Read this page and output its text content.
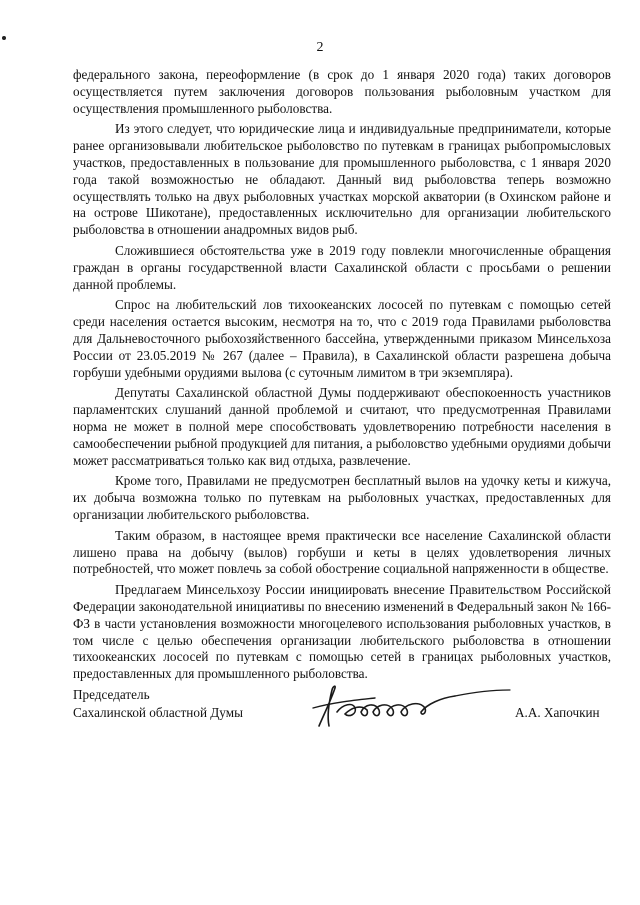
2

федерального закона, переоформление (в срок до 1 января 2020 года) таких договоров осуществляется путем заключения договоров пользования рыболовным участком для осуществления промышленного рыболовства.

Из этого следует, что юридические лица и индивидуальные предприниматели, которые ранее организовывали любительское рыболовство по путевкам в границах рыбопромысловых участков, предоставленных в пользование для промышленного рыболовства, с 1 января 2020 года такой возможностью не обладают. Данный вид рыболовства теперь возможно осуществлять только на двух рыболовных участках морской акватории (в Охинском районе и на острове Шикотане), предоставленных исключительно для организации любительского рыболовства в отношении анадромных видов рыб.

Сложившиеся обстоятельства уже в 2019 году повлекли многочисленные обращения граждан в органы государственной власти Сахалинской области с просьбами о решении данной проблемы.

Спрос на любительский лов тихоокеанских лососей по путевкам с помощью сетей среди населения остается высоким, несмотря на то, что с 2019 года Правилами рыболовства для Дальневосточного рыбохозяйственного бассейна, утвержденными приказом Минсельхоза России от 23.05.2019 № 267 (далее – Правила), в Сахалинской области разрешена добыча горбуши удебными орудиями вылова (с суточным лимитом в три экземпляра).

Депутаты Сахалинской областной Думы поддерживают обеспокоенность участников парламентских слушаний данной проблемой и считают, что предусмотренная Правилами норма не может в полной мере способствовать удовлетворению потребности населения в самообеспечении рыбной продукцией для питания, а рыболовство удебными орудиями добычи может рассматриваться только как вид отдыха, развлечение.

Кроме того, Правилами не предусмотрен бесплатный вылов на удочку кеты и кижуча, их добыча возможна только по путевкам на рыболовных участках, предоставленных для организации любительского рыболовства.

Таким образом, в настоящее время практически все население Сахалинской области лишено права на добычу (вылов) горбуши и кеты в целях удовлетворения личных потребностей, что может повлечь за собой обострение социальной напряженности в обществе.

Предлагаем Минсельхозу России инициировать внесение Правительством Российской Федерации законодательной инициативы по внесению изменений в Федеральный закон № 166-ФЗ в части установления возможности многоцелевого использования рыболовных участков, в том числе с целью обеспечения организации любительского рыболовства в отношении тихоокеанских лососей по путевкам с помощью сетей в границах рыболовных участков, предоставленных для промышленного рыболовства.

Председатель
Сахалинской областной Думы	А.А. Хапочкин
